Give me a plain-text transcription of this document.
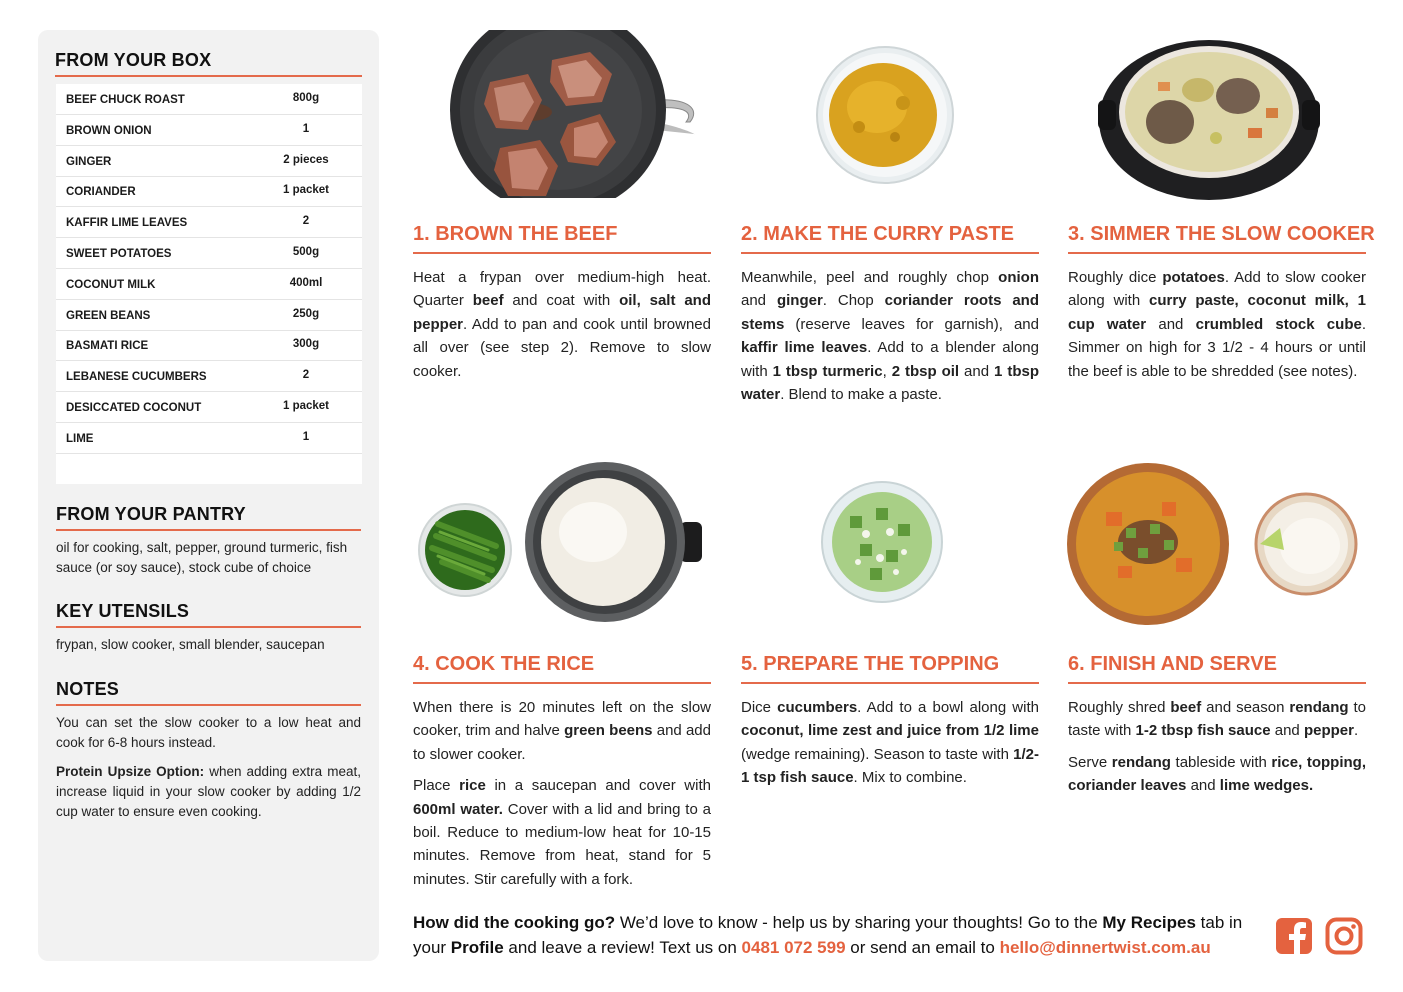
FROM YOUR BOX
BEEF CHUCK ROAST	800g
BROWN ONION	1
GINGER	2 pieces
CORIANDER	1 packet
KAFFIR LIME LEAVES	2
SWEET POTATOES	500g
COCONUT MILK	400ml
GREEN BEANS	250g
BASMATI RICE	300g
LEBANESE CUCUMBERS	2
DESICCATED COCONUT	1 packet
LIME	1
FROM YOUR PANTRY
oil for cooking, salt, pepper, ground turmeric, fish sauce (or soy sauce), stock cube of choice
KEY UTENSILS
frypan, slow cooker, small blender, saucepan
NOTES
You can set the slow cooker to a low heat and cook for 6-8 hours instead.
Protein Upsize Option: when adding extra meat, increase liquid in your slow cooker by adding 1/2 cup water to ensure even cooking.
1. BROWN THE BEEF

Heat a frypan over medium-high heat. Quarter beef and coat with oil, salt and pepper. Add to pan and cook until browned all over (see step 2). Remove to slow cooker.

2. MAKE THE CURRY PASTE

Meanwhile, peel and roughly chop onion and ginger. Chop coriander roots and stems (reserve leaves for garnish), and kaffir lime leaves. Add to a blender along with 1 tbsp turmeric, 2 tbsp oil and 1 tbsp water. Blend to make a paste.

3. SIMMER THE SLOW COOKER

Roughly dice potatoes. Add to slow cooker along with curry paste, coconut milk, 1 cup water and crumbled stock cube. Simmer on high for 3 1/2 - 4 hours or until the beef is able to be shredded (see notes).

4. COOK THE RICE

When there is 20 minutes left on the slow cooker, trim and halve green beens and add to slower cooker.

Place rice in a saucepan and cover with 600ml water. Cover with a lid and bring to a boil. Reduce to medium-low heat for 10-15 minutes. Remove from heat, stand for 5 minutes. Stir carefully with a fork.

5. PREPARE THE TOPPING

Dice cucumbers. Add to a bowl along with coconut, lime zest and juice from 1/2 lime (wedge remaining). Season to taste with 1/2-1 tsp fish sauce. Mix to combine.

6. FINISH AND SERVE

Roughly shred beef and season rendang to taste with 1-2 tbsp fish sauce and pepper.

Serve rendang tableside with rice, topping, coriander leaves and lime wedges.

How did the cooking go? We’d love to know - help us by sharing your thoughts! Go to the My Recipes tab in your Profile and leave a review! Text us on 0481 072 599 or send an email to hello@dinnertwist.com.au
